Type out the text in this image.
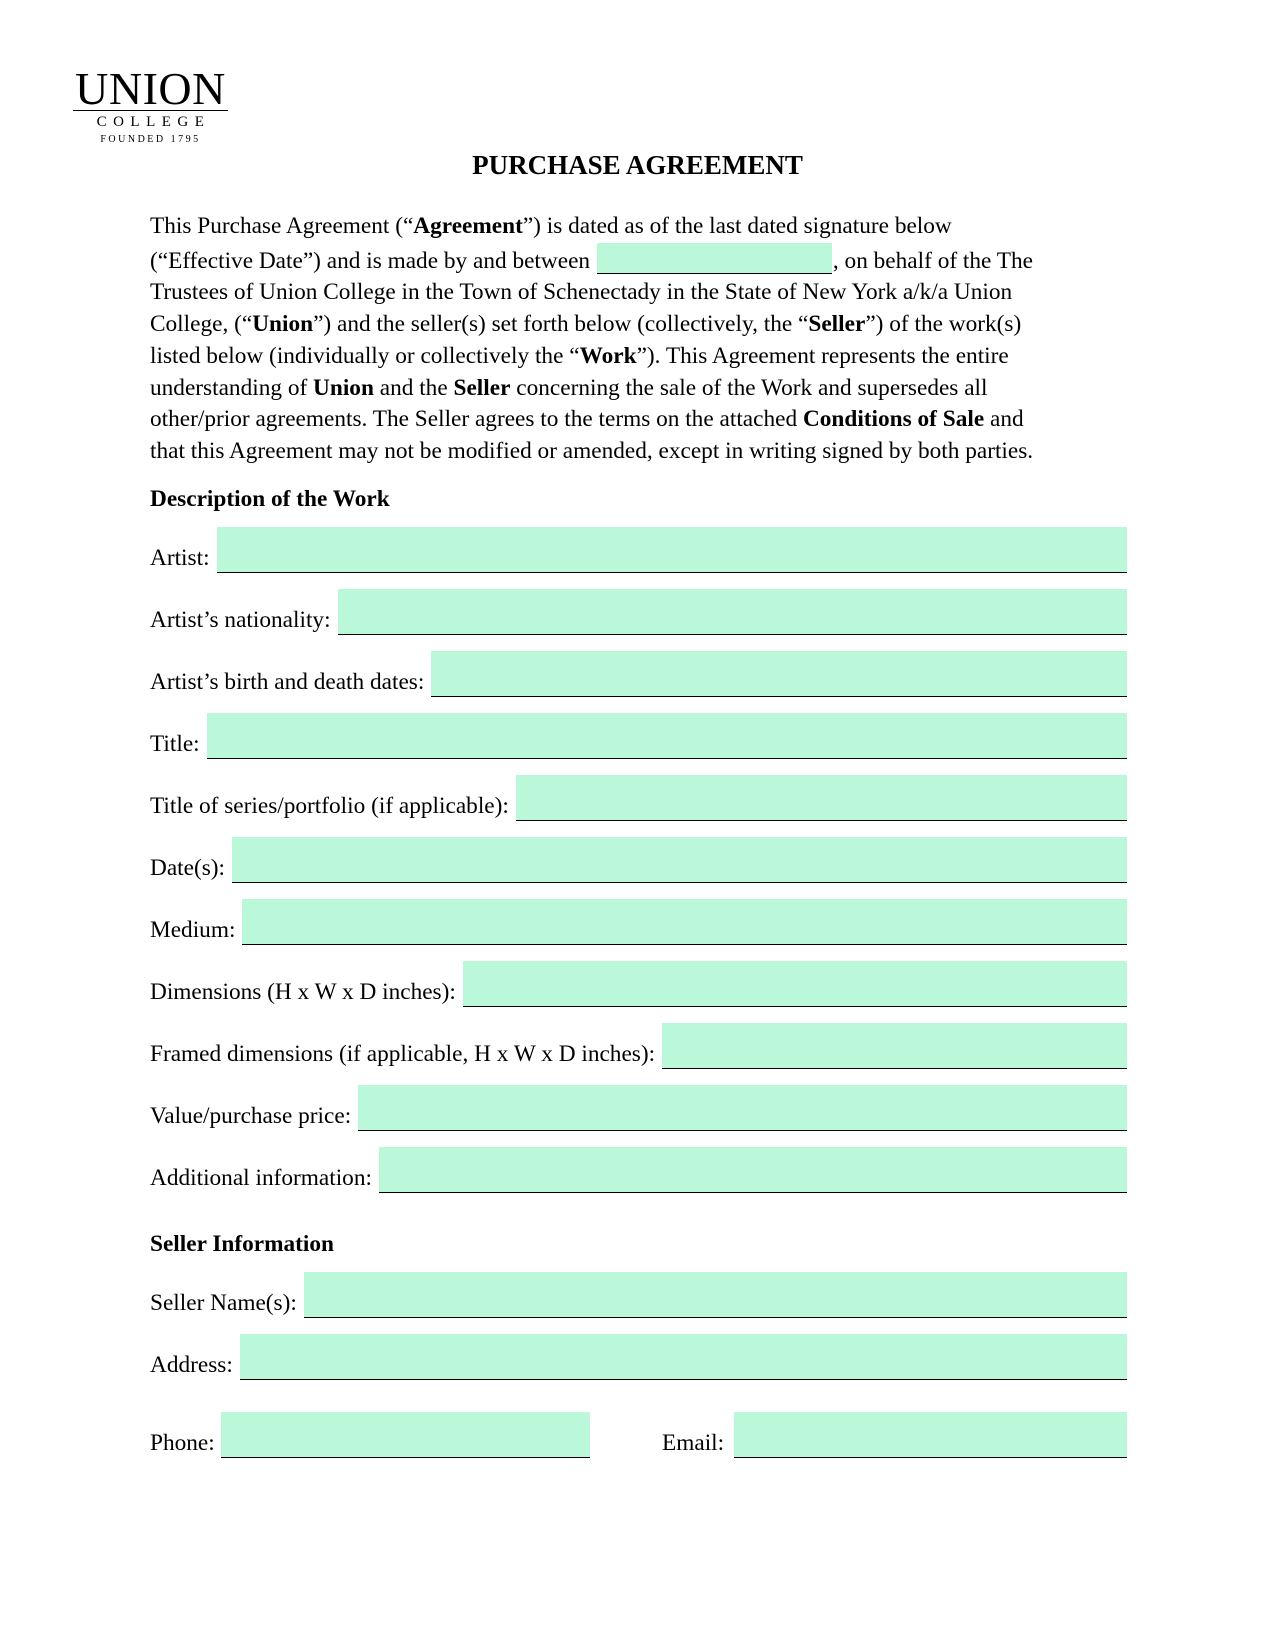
UNION
COLLEGE
FOUNDED 1795
PURCHASE AGREEMENT

This Purchase Agreement (“Agreement”) is dated as of the last dated signature below

(“Effective Date”) and is made by and between	, on behalf of the The

Trustees of Union College in the Town of Schenectady in the State of New York a/k/a Union

College, (“Union”) and the seller(s) set forth below (collectively, the “Seller”) of the work(s)

listed below (individually or collectively the “Work”). This Agreement represents the entire

understanding of Union and the Seller concerning the sale of the Work and supersedes all

other/prior agreements. The Seller agrees to the terms on the attached Conditions of Sale and

that this Agreement may not be modified or amended, except in writing signed by both parties.

Description of the Work
Artist:
Artist’s nationality:
Artist’s birth and death dates:
Title:
Title of series/portfolio (if applicable):
Date(s):
Medium:
Dimensions (H x W x D inches):
Framed dimensions (if applicable, H x W x D inches):
Value/purchase price:
Additional information:
Seller Information
Seller Name(s):
Address:
Phone:	Email:
